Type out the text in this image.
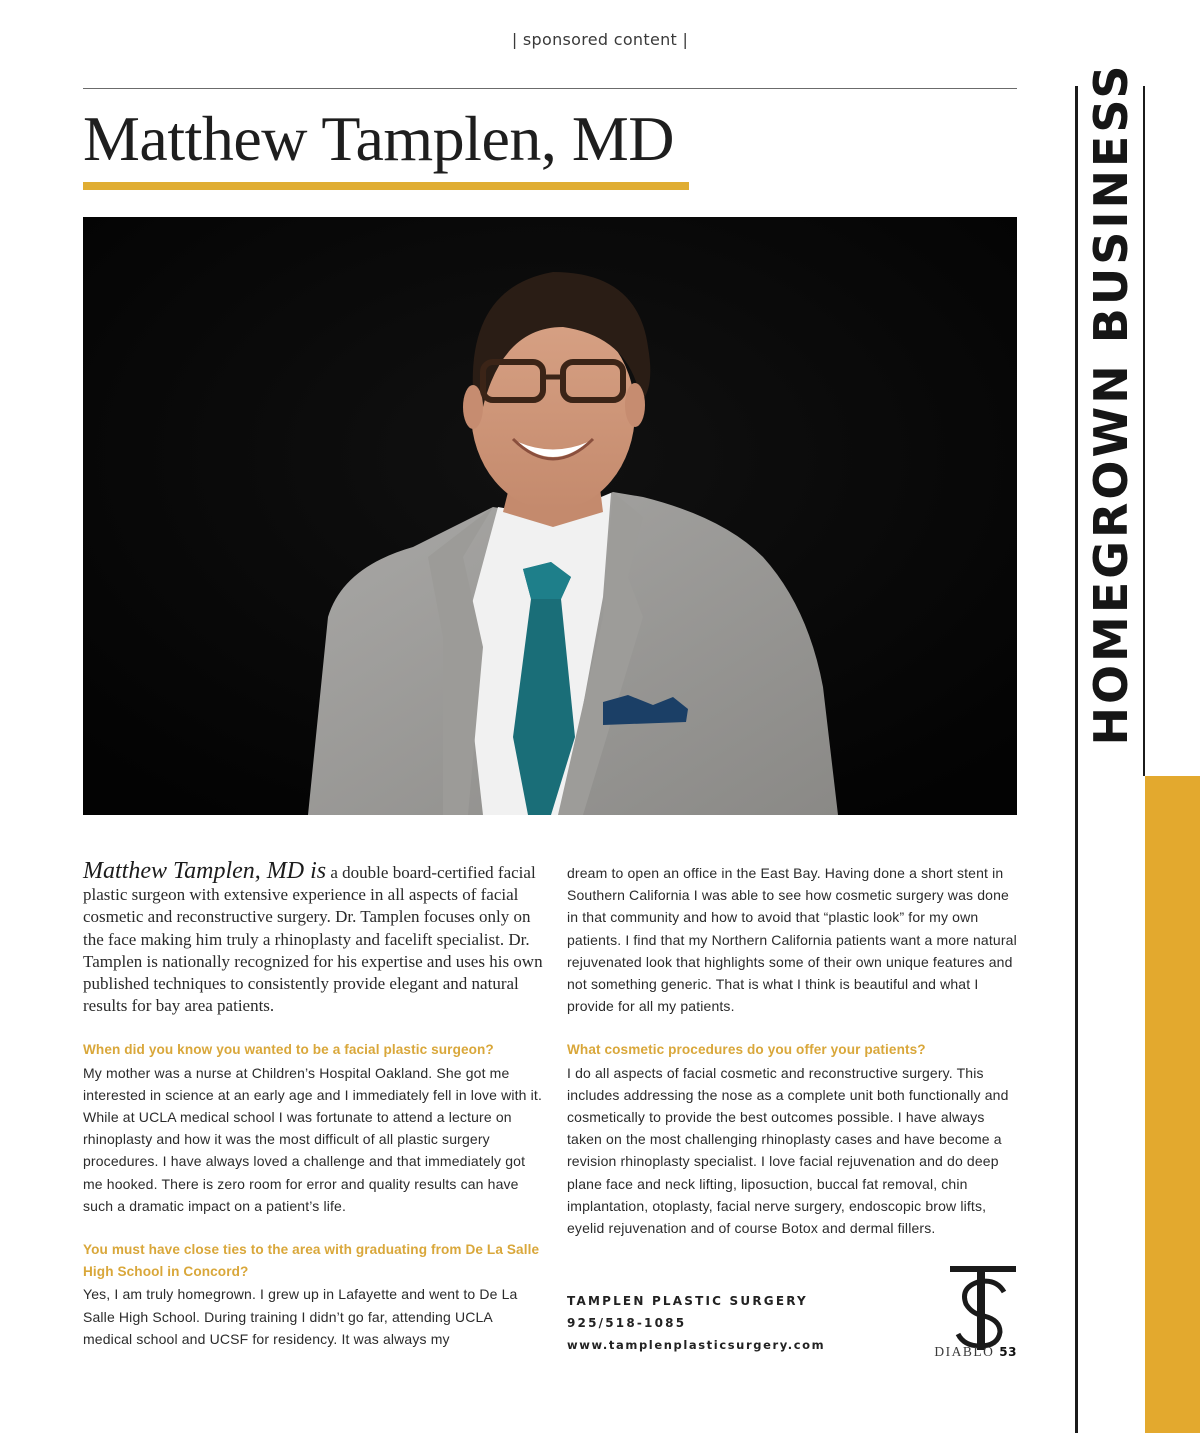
| sponsored content |
Matthew Tamplen, MD	HOMEGROWN BUSINESS

Matthew Tamplen, MD is a double board-certified facial plastic surgeon with extensive experience in all aspects of facial cosmetic and reconstructive surgery. Dr. Tamplen focuses only on the face making him truly a rhinoplasty and facelift specialist. Dr. Tamplen is nationally recognized for his expertise and uses his own published techniques to consistently provide elegant and natural results for bay area patients.

When did you know you wanted to be a facial plastic surgeon?

My mother was a nurse at Children’s Hospital Oakland. She got me interested in science at an early age and I immediately fell in love with it. While at UCLA medical school I was fortunate to attend a lecture on rhinoplasty and how it was the most difficult of all plastic surgery procedures. I have always loved a challenge and that immediately got me hooked. There is zero room for error and quality results can have such a dramatic impact on a patient’s life.

You must have close ties to the area with graduating from De La Salle High School in Concord?

Yes, I am truly homegrown. I grew up in Lafayette and went to De La Salle High School. During training I didn’t go far, attending UCLA medical school and UCSF for residency. It was always my

dream to open an office in the East Bay. Having done a short stent in Southern California I was able to see how cosmetic surgery was done in that community and how to avoid that “plastic look” for my own patients. I find that my Northern California patients want a more natural rejuvenated look that highlights some of their own unique features and not something generic. That is what I think is beautiful and what I provide for all my patients.

What cosmetic procedures do you offer your patients?

I do all aspects of facial cosmetic and reconstructive surgery. This includes addressing the nose as a complete unit both functionally and cosmetically to provide the best outcomes possible. I have always taken on the most challenging rhinoplasty cases and have become a revision rhinoplasty specialist. I love facial rejuvenation and do deep plane face and neck lifting, liposuction, buccal fat removal, chin implantation, otoplasty, facial nerve surgery, endoscopic brow lifts, eyelid rejuvenation and of course Botox and dermal fillers.

TAMPLEN PLASTIC SURGERY
925/518-1085
www.tamplenplasticsurgery.com	DIABLO 53
